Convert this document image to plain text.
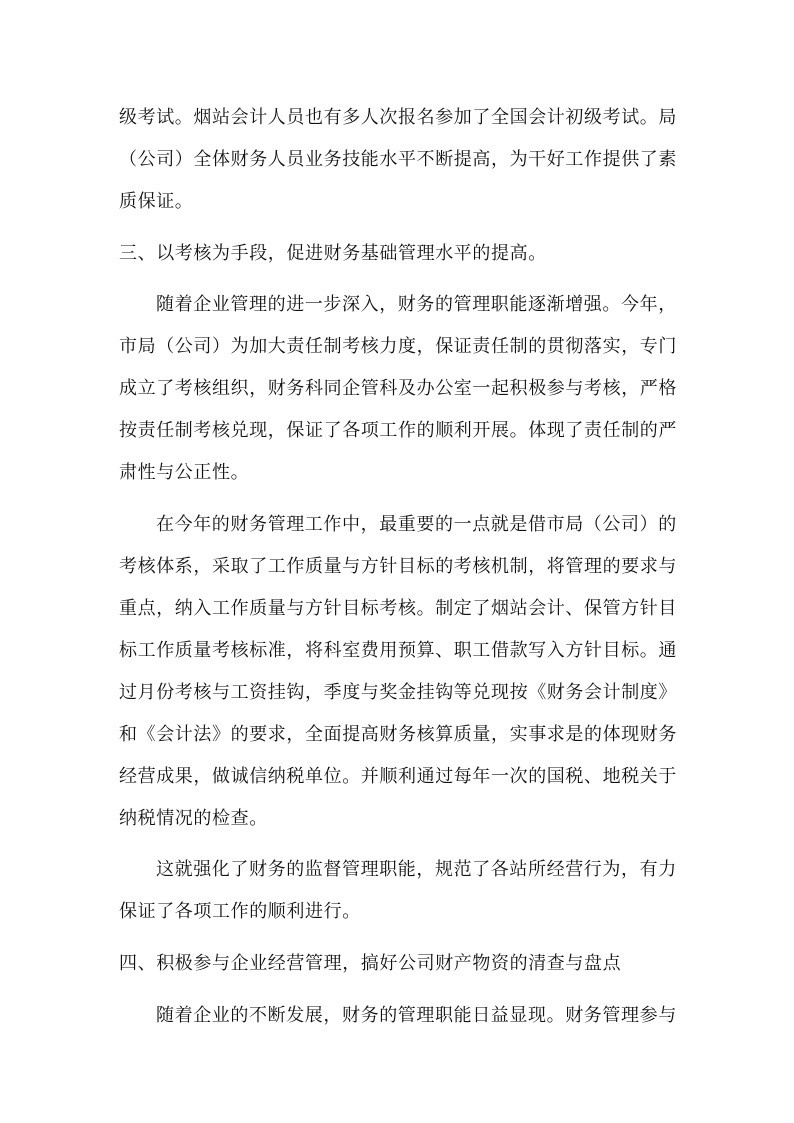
级考试。烟站会计人员也有多人次报名参加了全国会计初级考试。局
（公司）全体财务人员业务技能水平不断提高，为干好工作提供了素
质保证。
三、以考核为手段，促进财务基础管理水平的提高。
随着企业管理的进一步深入，财务的管理职能逐渐增强。今年，
市局（公司）为加大责任制考核力度，保证责任制的贯彻落实，专门
成立了考核组织，财务科同企管科及办公室一起积极参与考核，严格
按责任制考核兑现，保证了各项工作的顺利开展。体现了责任制的严
肃性与公正性。
在今年的财务管理工作中，最重要的一点就是借市局（公司）的
考核体系，采取了工作质量与方针目标的考核机制，将管理的要求与
重点，纳入工作质量与方针目标考核。制定了烟站会计、保管方针目
标工作质量考核标准，将科室费用预算、职工借款写入方针目标。通
过月份考核与工资挂钩，季度与奖金挂钩等兑现按《财务会计制度》
和《会计法》的要求，全面提高财务核算质量，实事求是的体现财务
经营成果，做诚信纳税单位。并顺利通过每年一次的国税、地税关于
纳税情况的检查。
这就强化了财务的监督管理职能，规范了各站所经营行为，有力
保证了各项工作的顺利进行。
四、积极参与企业经营管理，搞好公司财产物资的清查与盘点
随着企业的不断发展，财务的管理职能日益显现。财务管理参与
